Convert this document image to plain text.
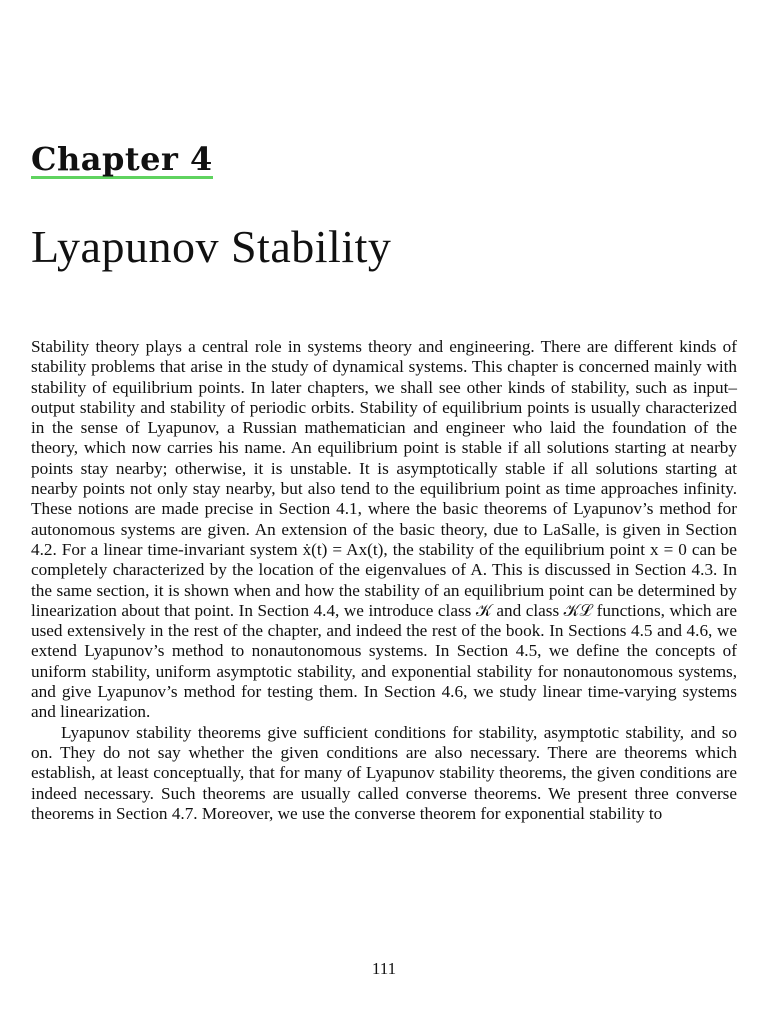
Chapter 4
Lyapunov Stability

Stability theory plays a central role in systems theory and engineering. There are different kinds of stability problems that arise in the study of dynamical systems. This chapter is concerned mainly with stability of equilibrium points. In later chapters, we shall see other kinds of stability, such as input–output stability and stability of periodic orbits. Stability of equilibrium points is usually characterized in the sense of Lyapunov, a Russian mathematician and engineer who laid the foundation of the theory, which now carries his name. An equilibrium point is stable if all solutions starting at nearby points stay nearby; otherwise, it is unstable. It is asymptotically stable if all solutions starting at nearby points not only stay nearby, but also tend to the equilibrium point as time approaches infinity. These notions are made precise in Section 4.1, where the basic theorems of Lyapunov’s method for autonomous systems are given. An extension of the basic theory, due to LaSalle, is given in Section 4.2. For a linear time-invariant system ẋ(t) = Ax(t), the stability of the equilibrium point x = 0 can be completely characterized by the location of the eigenvalues of A. This is discussed in Section 4.3. In the same section, it is shown when and how the stability of an equilibrium point can be determined by linearization about that point. In Section 4.4, we introduce class 𝒦 and class 𝒦ℒ functions, which are used extensively in the rest of the chapter, and indeed the rest of the book. In Sections 4.5 and 4.6, we extend Lyapunov’s method to nonautonomous systems. In Section 4.5, we define the concepts of uniform stability, uniform asymptotic stability, and exponential stability for nonautonomous systems, and give Lyapunov’s method for testing them. In Section 4.6, we study linear time-varying systems and linearization.

Lyapunov stability theorems give sufficient conditions for stability, asymptotic stability, and so on. They do not say whether the given conditions are also necessary. There are theorems which establish, at least conceptually, that for many of Lyapunov stability theorems, the given conditions are indeed necessary. Such theorems are usually called converse theorems. We present three converse theorems in Section 4.7. Moreover, we use the converse theorem for exponential stability to

111
